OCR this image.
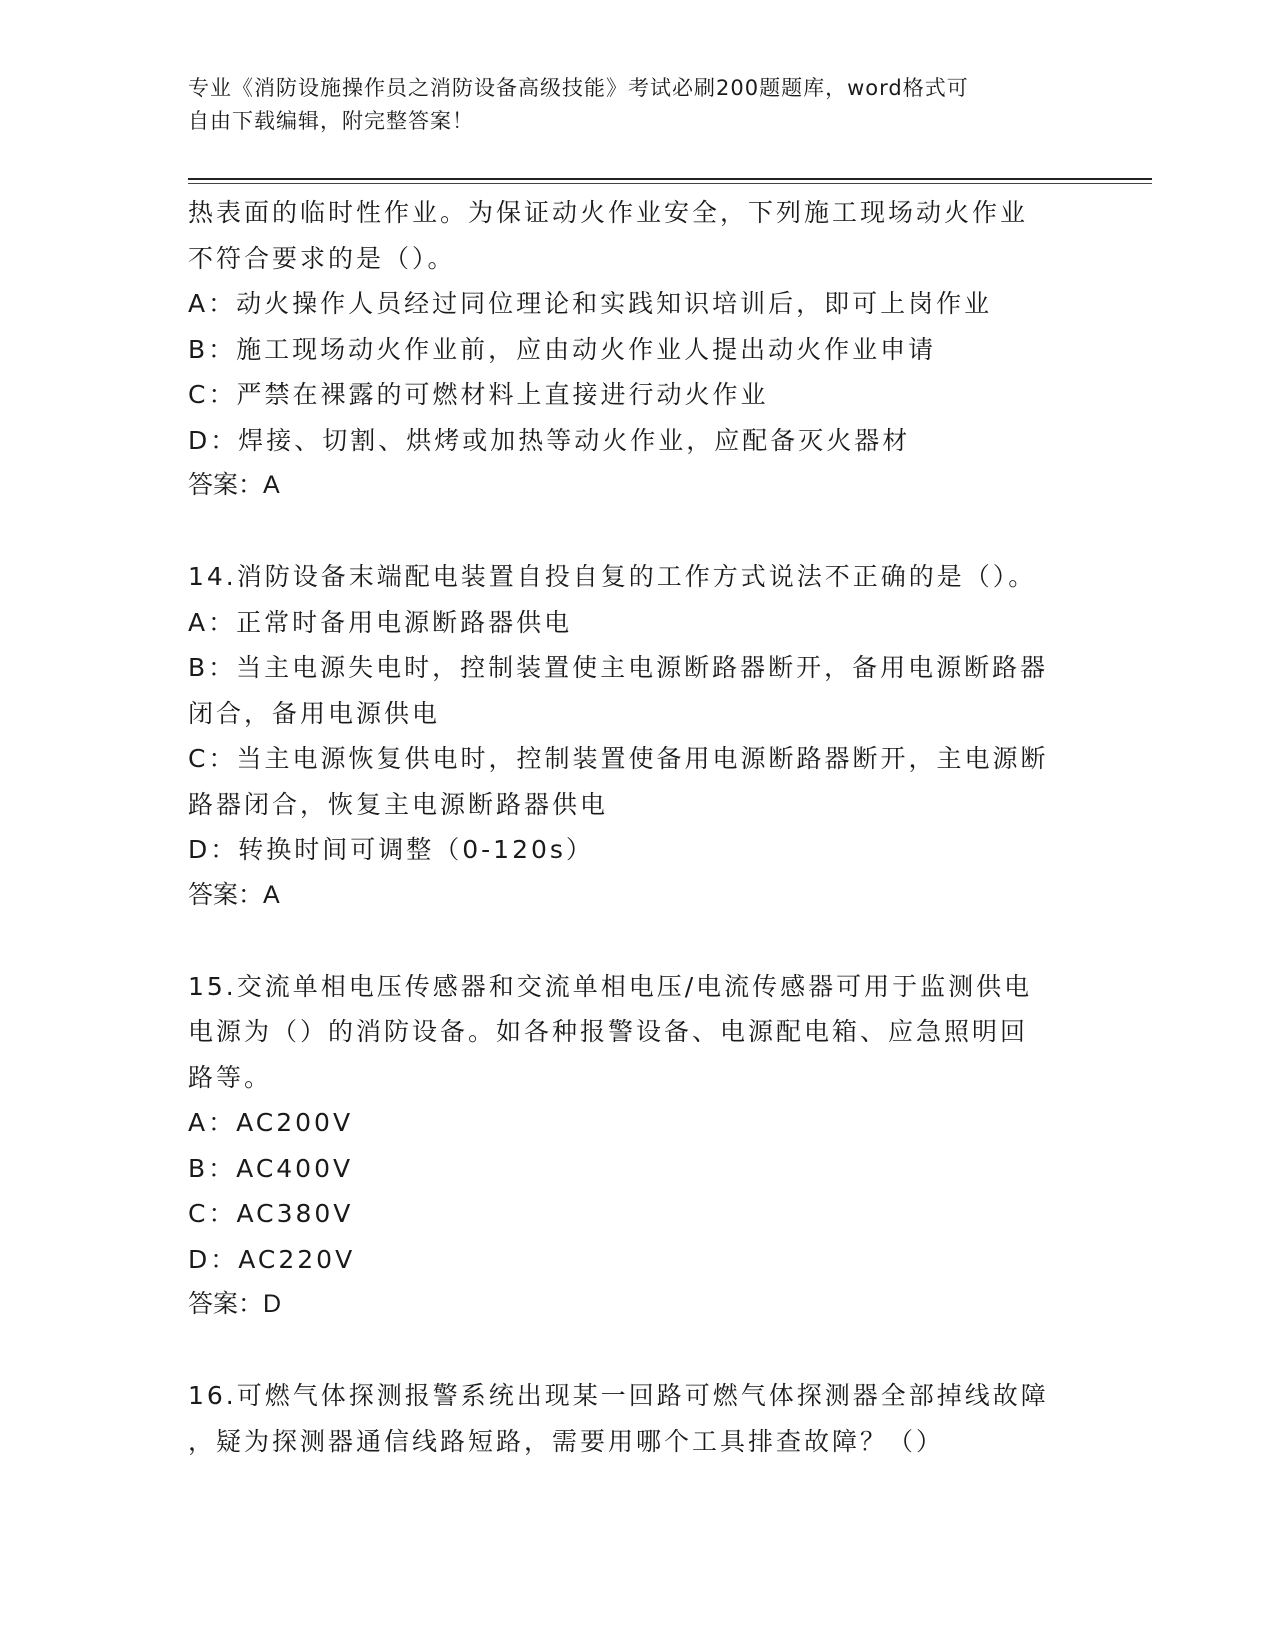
专业《消防设施操作员之消防设备高级技能》考试必刷200题题库，word格式可
自由下载编辑，附完整答案！
热表面的临时性作业。为保证动火作业安全，下列施工现场动火作业
不符合要求的是（）。
A：动火操作人员经过同位理论和实践知识培训后，即可上岗作业
B：施工现场动火作业前，应由动火作业人提出动火作业申请
C：严禁在裸露的可燃材料上直接进行动火作业
D：焊接、切割、烘烤或加热等动火作业，应配备灭火器材
答案：A
14.消防设备末端配电装置自投自复的工作方式说法不正确的是（）。
A：正常时备用电源断路器供电
B：当主电源失电时，控制装置使主电源断路器断开，备用电源断路器
闭合，备用电源供电
C：当主电源恢复供电时，控制装置使备用电源断路器断开，主电源断
路器闭合，恢复主电源断路器供电
D：转换时间可调整（0-120s）
答案：A
15.交流单相电压传感器和交流单相电压/电流传感器可用于监测供电
电源为（）的消防设备。如各种报警设备、电源配电箱、应急照明回
路等。
A：AC200V
B：AC400V
C：AC380V
D：AC220V
答案：D
16.可燃气体探测报警系统出现某一回路可燃气体探测器全部掉线故障
，疑为探测器通信线路短路，需要用哪个工具排查故障？（）
